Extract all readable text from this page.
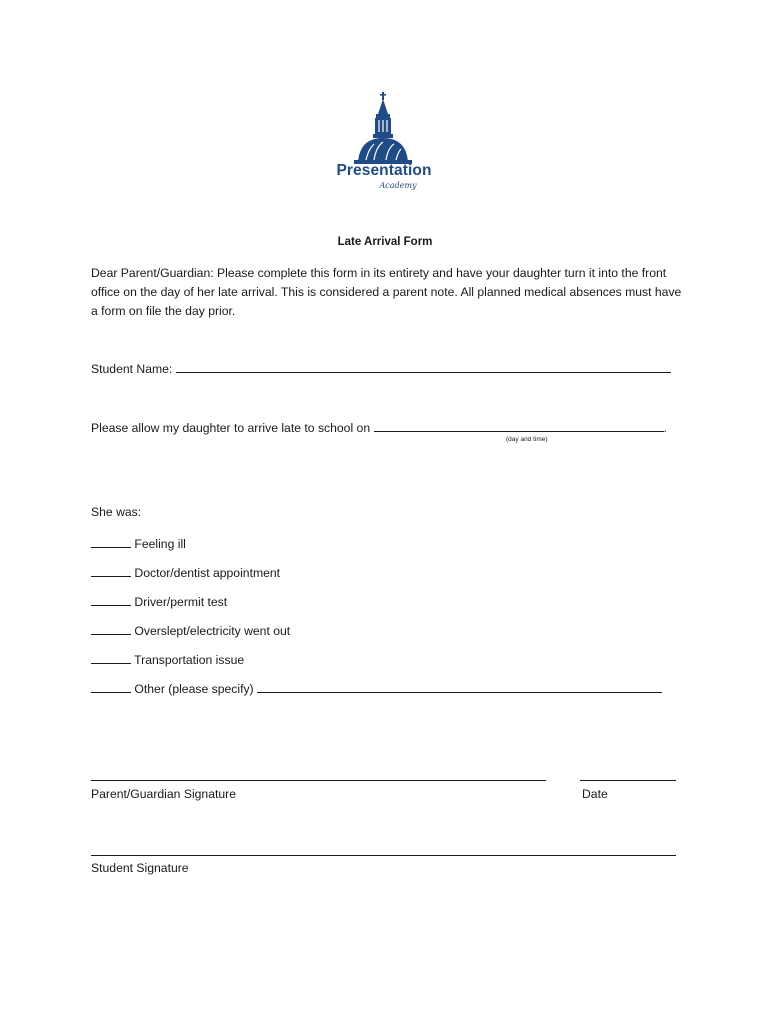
Presentation
Academy
Late Arrival Form
Dear Parent/Guardian: Please complete this form in its entirety and have your daughter turn it into the front office on the day of her late arrival. This is considered a parent note. All planned medical absences must have a form on file the day prior.
Student Name:
Please allow my daughter to arrive late to school on	.
(day and time)
She was:
Feeling ill
Doctor/dentist appointment
Driver/permit test
Overslept/electricity went out
Transportation issue
Other (please specify)
Parent/Guardian Signature	Date
Student Signature
